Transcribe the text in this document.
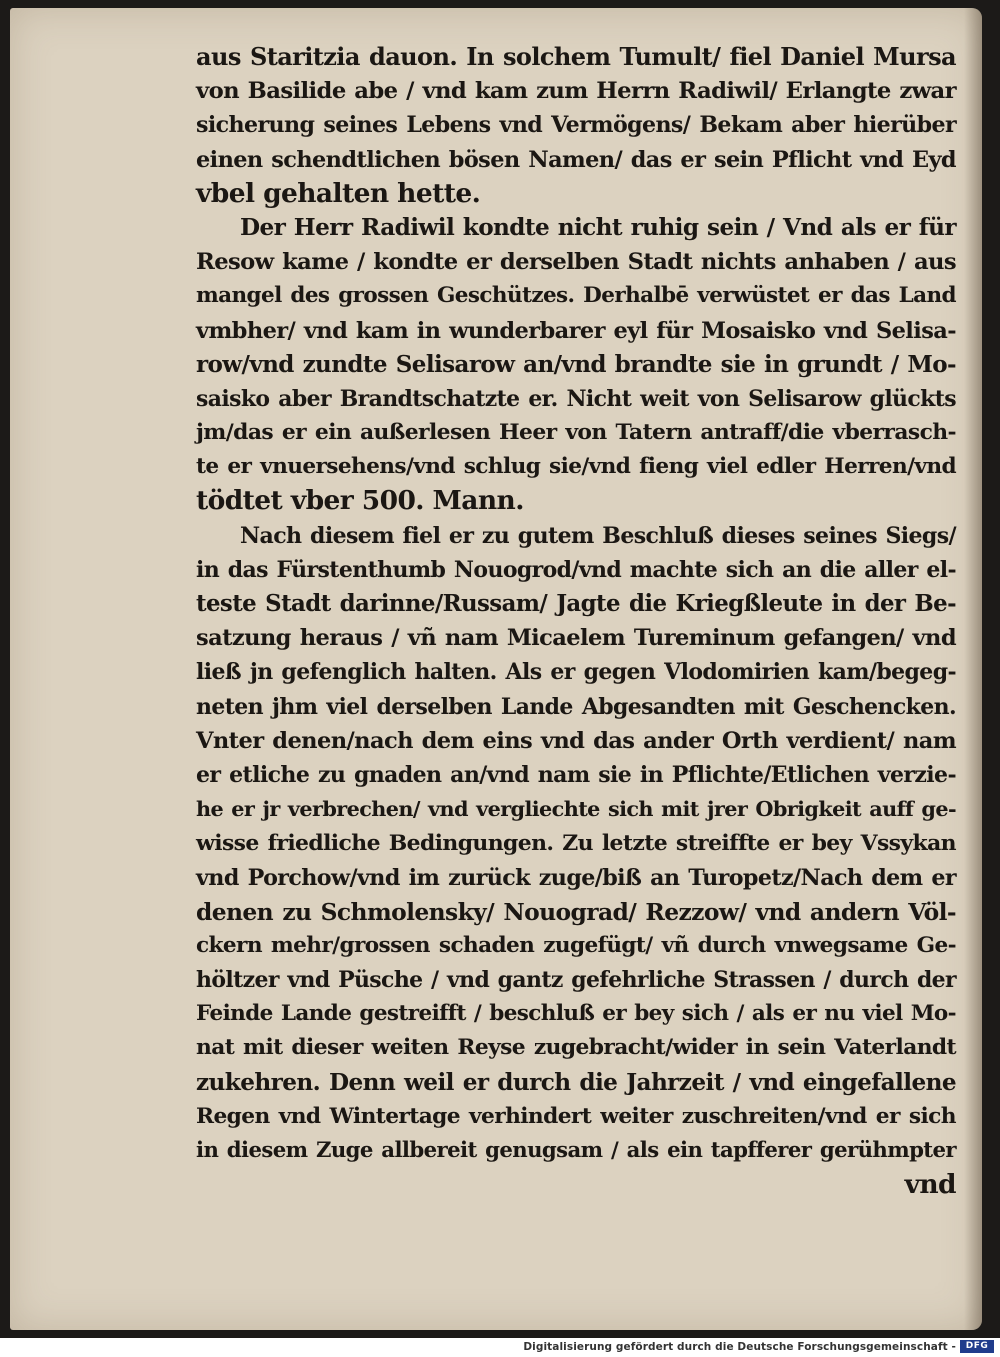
aus Staritzia dauon. In solchem Tumult/ fiel Daniel Mursa
von Basilide abe / vnd kam zum Herrn Radiwil/ Erlangte zwar
sicherung seines Lebens vnd Vermögens/ Bekam aber hierüber
einen schendtlichen bösen Namen/ das er sein Pflicht vnd Eyd
vbel gehalten hette.
Der Herr Radiwil kondte nicht ruhig sein / Vnd als er für
Resow kame / kondte er derselben Stadt nichts anhaben / aus
mangel des grossen Geschützes. Derhalbē verwüstet er das Land
vmbher/ vnd kam in wunderbarer eyl für Mosaisko vnd Selisa-
row/vnd zundte Selisarow an/vnd brandte sie in grundt / Mo-
saisko aber Brandtschatzte er. Nicht weit von Selisarow glückts
jm/das er ein außerlesen Heer von Tatern antraff/die vberrasch-
te er vnuersehens/vnd schlug sie/vnd fieng viel edler Herren/vnd
tödtet vber 500. Mann.
Nach diesem fiel er zu gutem Beschluß dieses seines Siegs/
in das Fürstenthumb Nouogrod/vnd machte sich an die aller el-
teste Stadt darinne/Russam/ Jagte die Kriegßleute in der Be-
satzung heraus / vñ nam Micaelem Tureminum gefangen/ vnd
ließ jn gefenglich halten. Als er gegen Vlodomirien kam/begeg-
neten jhm viel derselben Lande Abgesandten mit Geschencken.
Vnter denen/nach dem eins vnd das ander Orth verdient/ nam
er etliche zu gnaden an/vnd nam sie in Pflichte/Etlichen verzie-
he er jr verbrechen/ vnd vergliechte sich mit jrer Obrigkeit auff ge-
wisse friedliche Bedingungen. Zu letzte streiffte er bey Vssykan
vnd Porchow/vnd im zurück zuge/biß an Turopetz/Nach dem er
denen zu Schmolensky/ Nouograd/ Rezzow/ vnd andern Völ-
ckern mehr/grossen schaden zugefügt/ vñ durch vnwegsame Ge-
höltzer vnd Püsche / vnd gantz gefehrliche Strassen / durch der
Feinde Lande gestreifft / beschluß er bey sich / als er nu viel Mo-
nat mit dieser weiten Reyse zugebracht/wider in sein Vaterlandt
zukehren. Denn weil er durch die Jahrzeit / vnd eingefallene
Regen vnd Wintertage verhindert weiter zuschreiten/vnd er sich
in diesem Zuge allbereit genugsam / als ein tapfferer gerühmpter
vnd
Digitalisierung gefördert durch die Deutsche Forschungsgemeinschaft -	DFG
